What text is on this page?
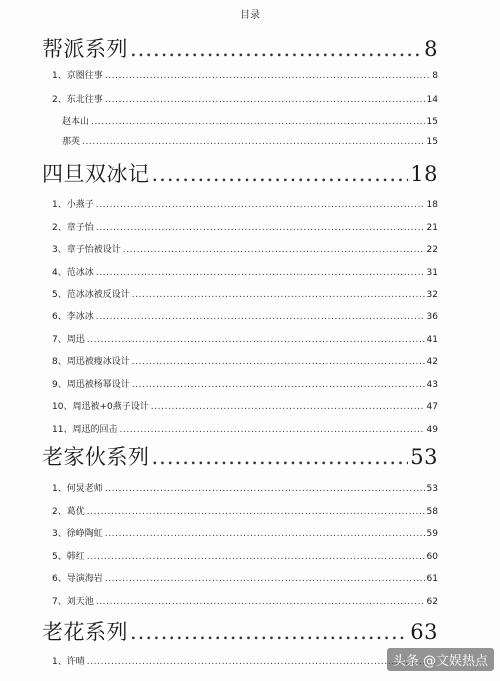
目录
帮派系列 .....	8
1、京圈往事 .....	8
2、东北往事 .....	14
赵本山 .....	15
那英 .....	15
四旦双冰记 .....	18
1、小燕子 .....	18
2、章子怡 .....	21
3、章子怡被设计 .....	22
4、范冰冰 .....	31
5、范冰冰被反设计 .....	32
6、李冰冰 .....	36
7、周迅 .....	41
8、周迅被瘦冰设计 .....	42
9、周迅被杨幂设计 .....	43
10、周迅被+0燕子设计 .....	47
11、周迅的回击 .....	49
老家伙系列 .....	53
1、何炅老师 .....	53
2、葛优 .....	58
3、徐峥陶虹 .....	59
5、韩红 .....	60
6、导演海岩 .....	61
7、刘天池 .....	62
老花系列 .....	63
1、许晴 .....	头条 @文娱热点
